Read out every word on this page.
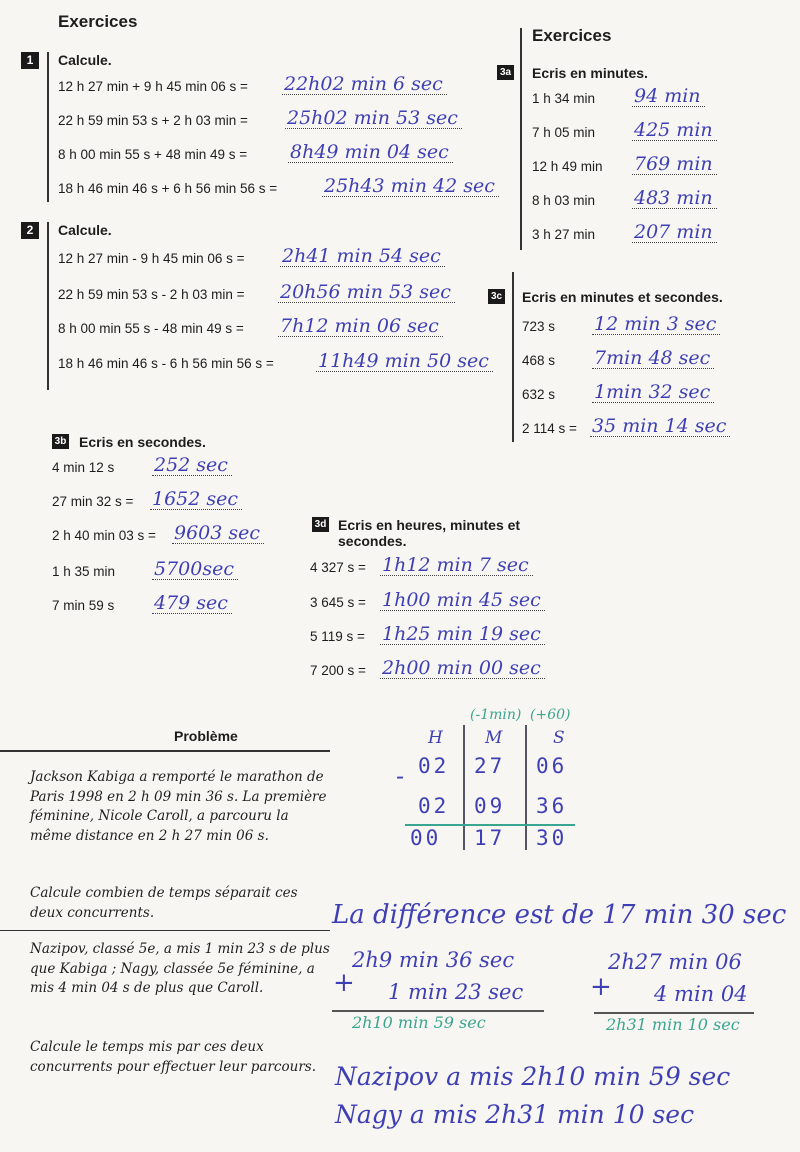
Exercices
Exercices
1	Calcule.
12 h 27 min + 9 h 45 min 06 s = 22h02 min 6 sec
22 h 59 min 53 s + 2 h 03 min = 25h02 min 53 sec
8 h 00 min 55 s + 48 min 49 s = 8h49 min 04 sec
18 h 46 min 46 s + 6 h 56 min 56 s = 25h43 min 42 sec
2	Calcule.
12 h 27 min - 9 h 45 min 06 s = 2h41 min 54 sec
22 h 59 min 53 s - 2 h 03 min = 20h56 min 53 sec
8 h 00 min 55 s - 48 min 49 s = 7h12 min 06 sec
18 h 46 min 46 s - 6 h 56 min 56 s = 11h49 min 50 sec
3a Ecris en minutes.
1 h 34 min 94 min
7 h 05 min 425 min
12 h 49 min 769 min
8 h 03 min 483 min
3 h 27 min 207 min
3c Ecris en minutes et secondes.
723 s 12 min 3 sec
468 s 7min 48 sec
632 s 1min 32 sec
2 114 s = 35 min 14 sec
3b Ecris en secondes.
4 min 12 s 252 sec
27 min 32 s = 1652 sec
2 h 40 min 03 s = 9603 sec
1 h 35 min 5700sec
7 min 59 s 479 sec
3d Ecris en heures, minutes et secondes.
4 327 s = 1h12 min 7 sec
3 645 s = 1h00 min 45 sec
5 119 s = 1h25 min 19 sec
7 200 s = 2h00 min 00 sec
Problème
Jackson Kabiga a remporté le marathon de Paris 1998 en 2 h 09 min 36 s. La première féminine, Nicole Caroll, a parcouru la même distance en 2 h 27 min 06 s.
Calcule combien de temps séparait ces deux concurrents.
Nazipov, classé 5e, a mis 1 min 23 s de plus que Kabiga ; Nagy, classée 5e féminine, a mis 4 min 04 s de plus que Caroll.
Calcule le temps mis par ces deux concurrents pour effectuer leur parcours.
(-1min) (+60)
H M	S
- 02 27 06
02 09 36
00 17 30
La différence est de 17 min 30 sec
+
2h9 min 36 sec
1 min 23 sec
2h10 min 59 sec
+
2h27 min 06
4 min 04
2h31 min 10 sec
Nazipov a mis 2h10 min 59 sec
Nagy a mis 2h31 min 10 sec
